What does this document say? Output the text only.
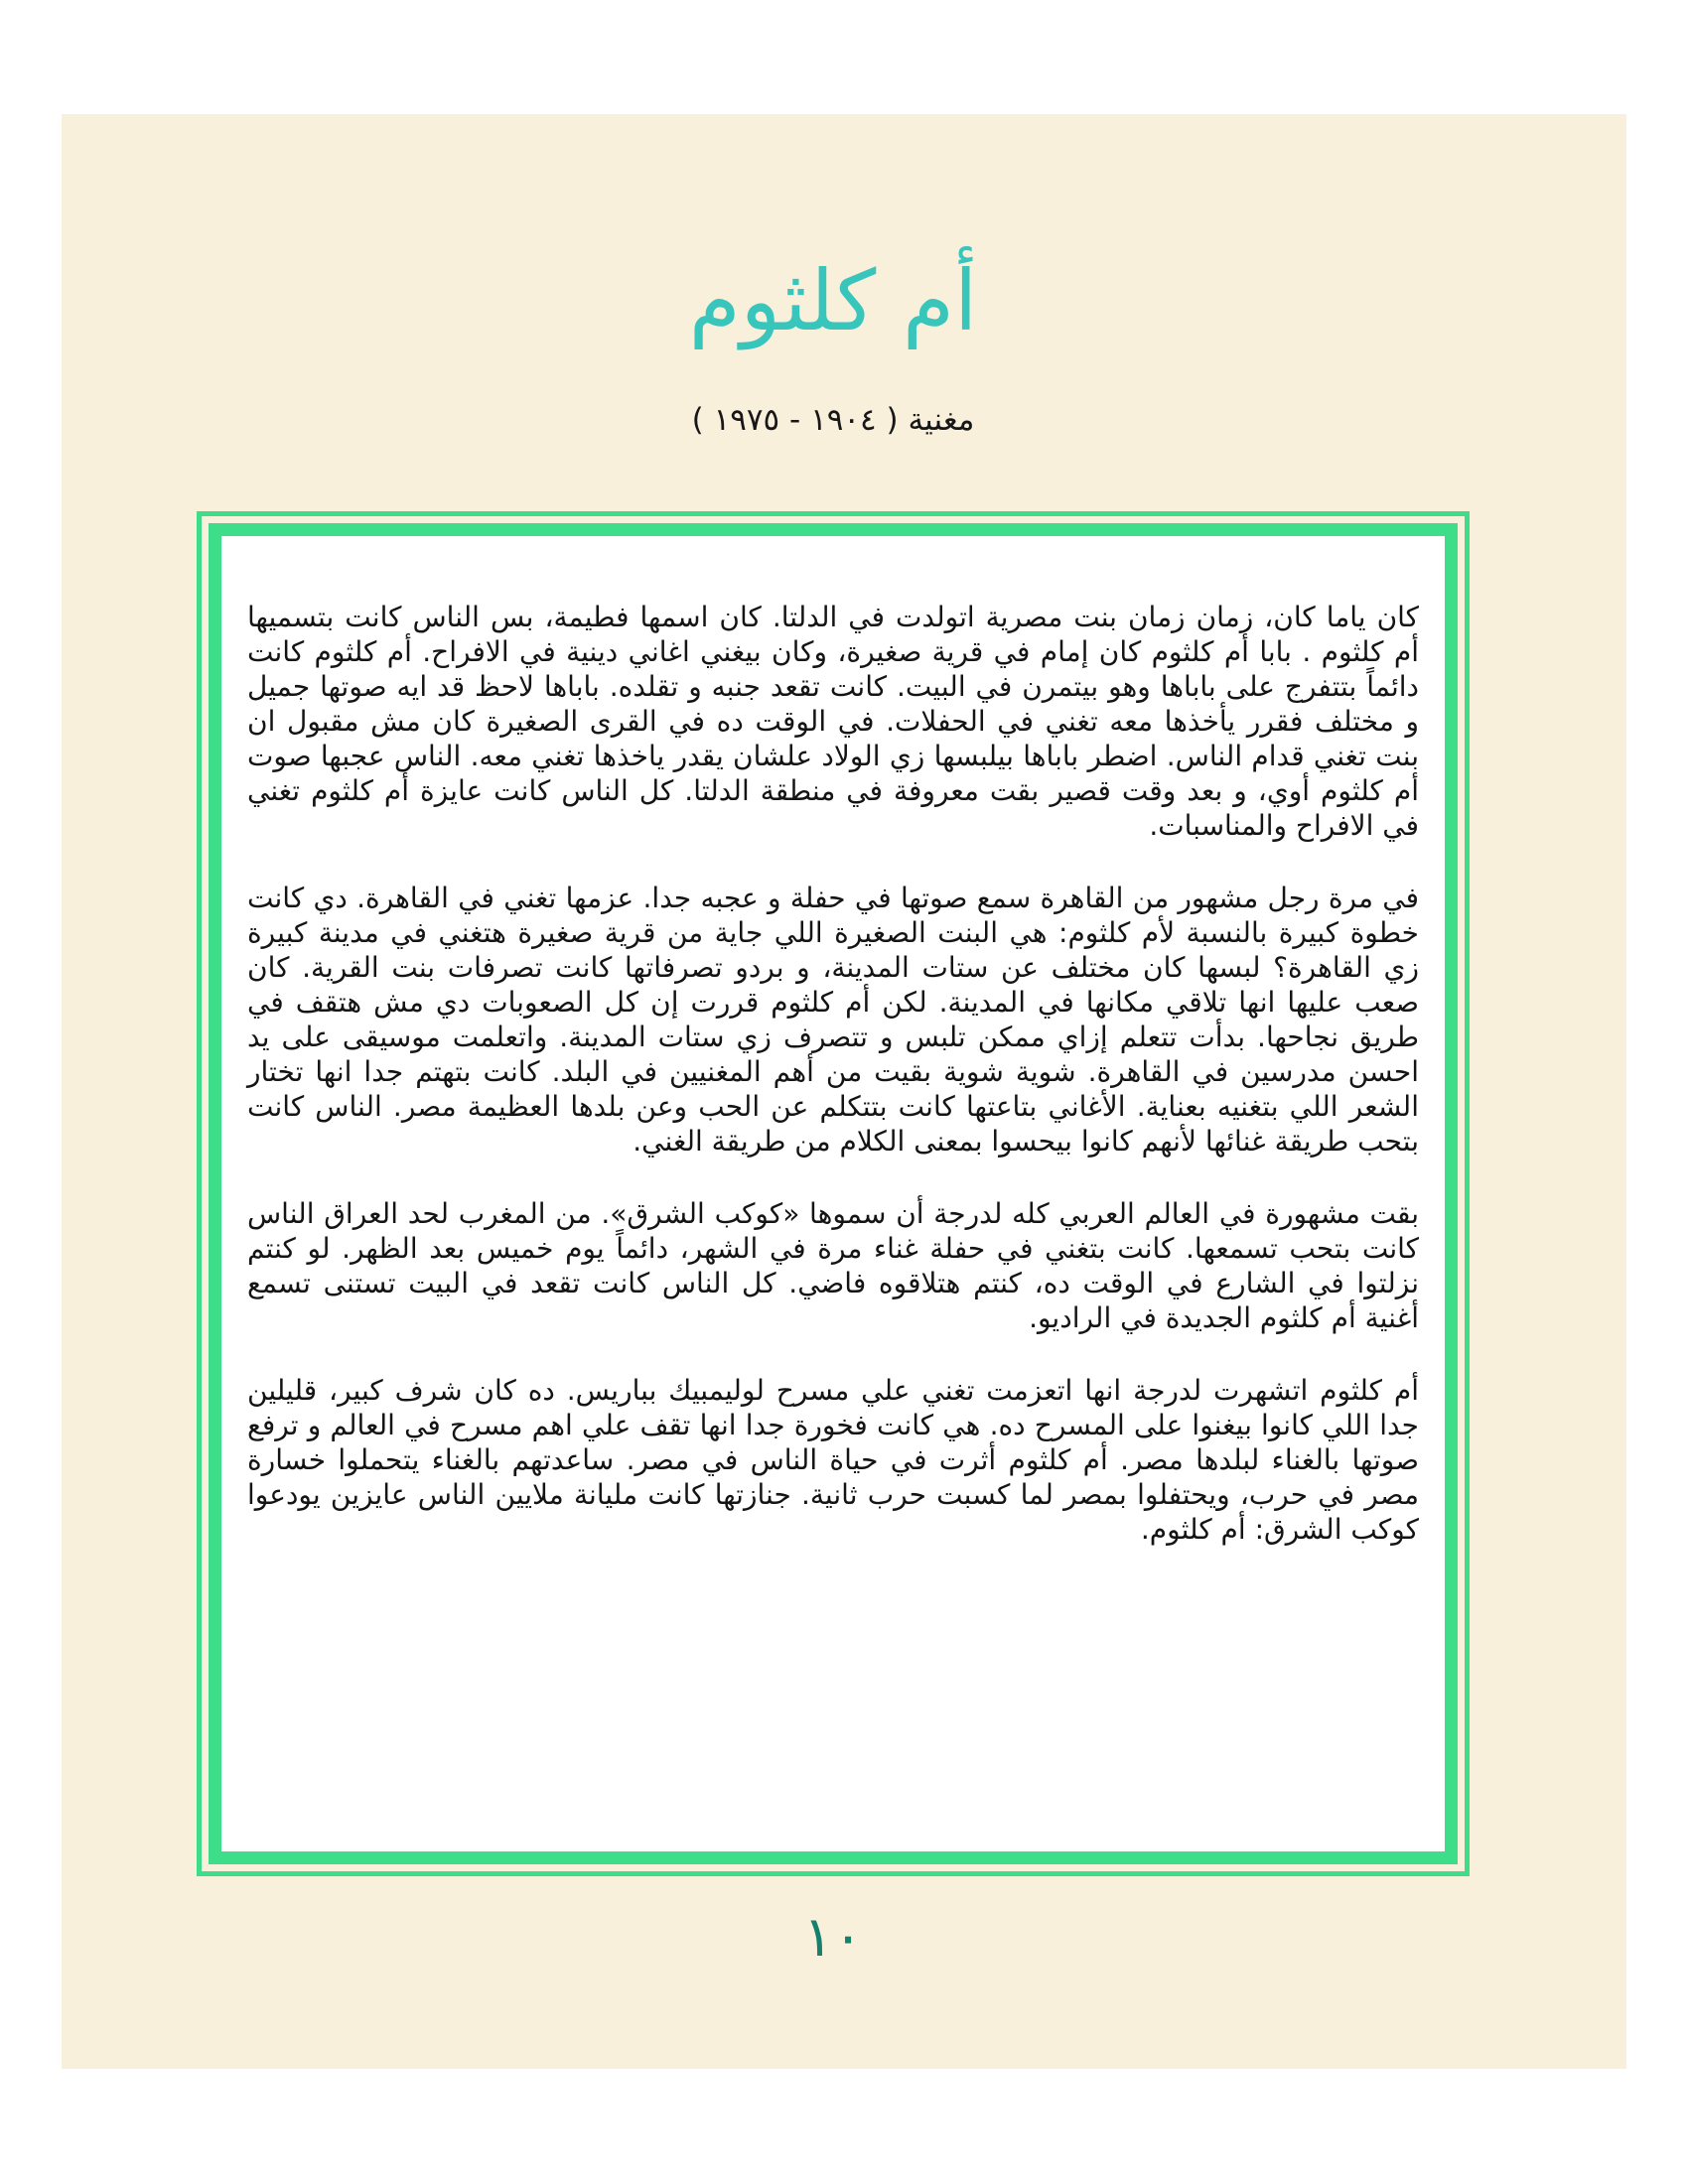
أم كلثوم
مغنية ( ١٩٠٤ - ١٩٧٥ )

كان ياما كان، زمان زمان بنت مصرية اتولدت في الدلتا. كان اسمها فطيمة، بس الناس كانت بتسميها أم كلثوم . بابا أم كلثوم كان إمام في قرية صغيرة، وكان بيغني اغاني دينية في الافراح. أم كلثوم كانت دائماً بتتفرج على باباها وهو بيتمرن في البيت. كانت تقعد جنبه و تقلده. باباها لاحظ قد ايه صوتها جميل و مختلف فقرر يأخذها معه تغني في الحفلات. في الوقت ده في القرى الصغيرة كان مش مقبول ان بنت تغني قدام الناس. اضطر باباها بيلبسها زي الولاد علشان يقدر ياخذها تغني معه. الناس عجبها صوت أم كلثوم أوي، و بعد وقت قصير بقت معروفة في منطقة الدلتا. كل الناس كانت عايزة أم كلثوم تغني في الافراح والمناسبات.

في مرة رجل مشهور من القاهرة سمع صوتها في حفلة و عجبه جدا. عزمها تغني في القاهرة. دي كانت خطوة كبيرة بالنسبة لأم كلثوم: هي البنت الصغيرة اللي جاية من قرية صغيرة هتغني في مدينة كبيرة زي القاهرة؟ لبسها كان مختلف عن ستات المدينة، و بردو تصرفاتها كانت تصرفات بنت القرية. كان صعب عليها انها تلاقي مكانها في المدينة. لكن أم كلثوم قررت إن كل الصعوبات دي مش هتقف في طريق نجاحها. بدأت تتعلم إزاي ممكن تلبس و تتصرف زي ستات المدينة. واتعلمت موسيقى على يد احسن مدرسين في القاهرة. شوية شوية بقيت من أهم المغنيين في البلد. كانت بتهتم جدا انها تختار الشعر اللي بتغنيه بعناية. الأغاني بتاعتها كانت بتتكلم عن الحب وعن بلدها العظيمة مصر. الناس كانت بتحب طريقة غنائها لأنهم كانوا بيحسوا بمعنى الكلام من طريقة الغني.

بقت مشهورة في العالم العربي كله لدرجة أن سموها «كوكب الشرق». من المغرب لحد العراق الناس كانت بتحب تسمعها. كانت بتغني في حفلة غناء مرة في الشهر، دائماً يوم خميس بعد الظهر. لو كنتم نزلتوا في الشارع في الوقت ده، كنتم هتلاقوه فاضي. كل الناس كانت تقعد في البيت تستنى تسمع أغنية أم كلثوم الجديدة في الراديو.

أم كلثوم اتشهرت لدرجة انها اتعزمت تغني علي مسرح لوليمبيك بباريس. ده كان شرف كبير، قليلين جدا اللي كانوا بيغنوا على المسرح ده. هي كانت فخورة جدا انها تقف علي اهم مسرح في العالم و ترفع صوتها بالغناء لبلدها مصر. أم كلثوم أثرت في حياة الناس في مصر. ساعدتهم بالغناء يتحملوا خسارة مصر في حرب، ويحتفلوا بمصر لما كسبت حرب ثانية. جنازتها كانت مليانة ملايين الناس عايزين يودعوا كوكب الشرق: أم كلثوم.

١٠
